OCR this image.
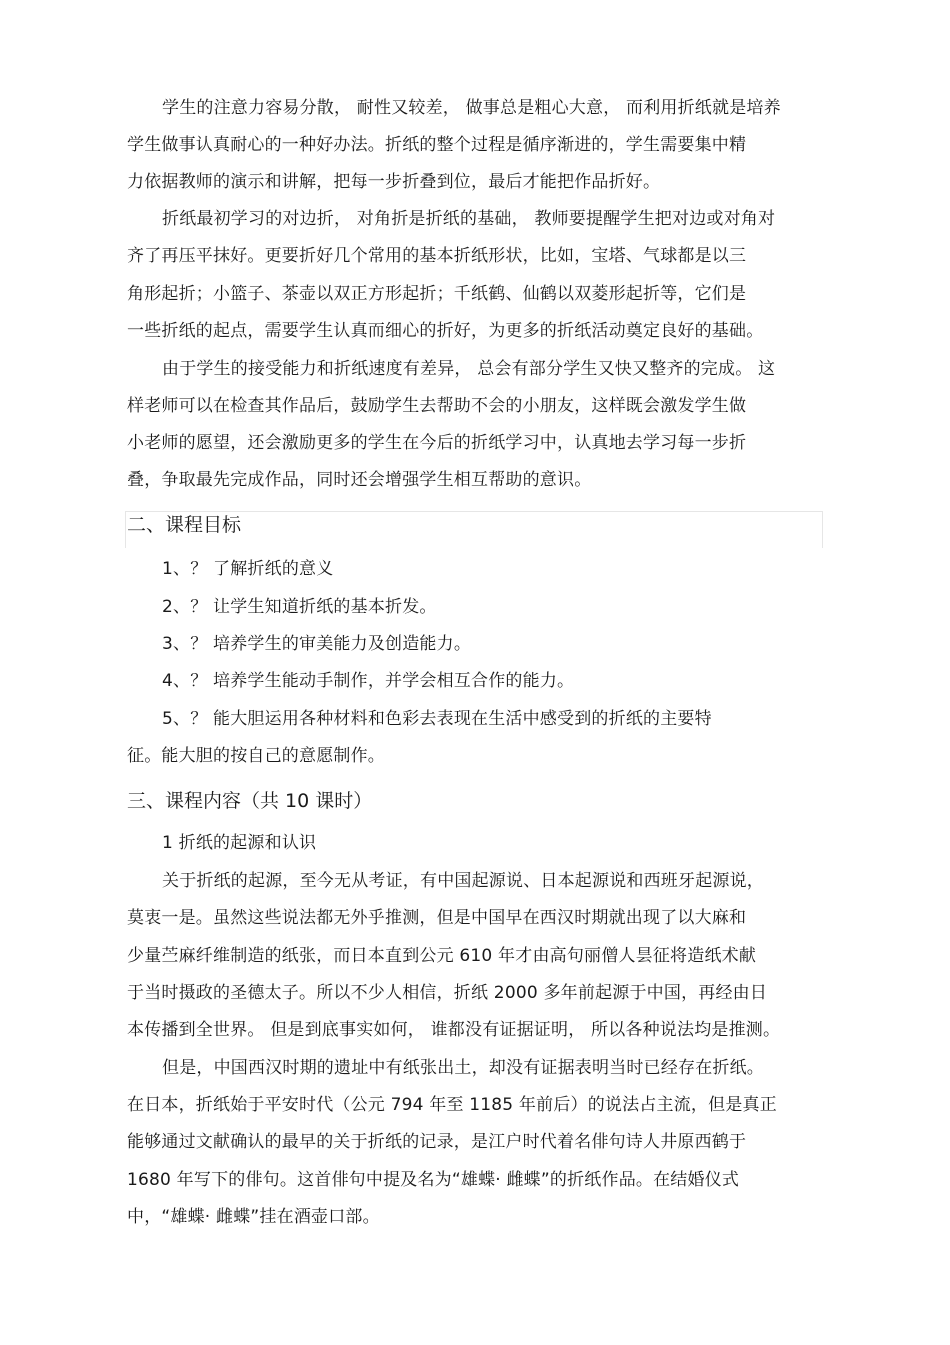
学生的注意力容易分散， 耐性又较差， 做事总是粗心大意， 而利用折纸就是培养
学生做事认真耐心的一种好办法。折纸的整个过程是循序渐进的，学生需要集中精
力依据教师的演示和讲解，把每一步折叠到位，最后才能把作品折好。
折纸最初学习的对边折， 对角折是折纸的基础， 教师要提醒学生把对边或对角对
齐了再压平抹好。更要折好几个常用的基本折纸形状，比如，宝塔、气球都是以三
角形起折；小篮子、茶壶以双正方形起折；千纸鹤、仙鹤以双菱形起折等，它们是
一些折纸的起点，需要学生认真而细心的折好，为更多的折纸活动奠定良好的基础。
由于学生的接受能力和折纸速度有差异， 总会有部分学生又快又整齐的完成。 这
样老师可以在检查其作品后，鼓励学生去帮助不会的小朋友，这样既会激发学生做
小老师的愿望，还会激励更多的学生在今后的折纸学习中，认真地去学习每一步折
叠，争取最先完成作品，同时还会增强学生相互帮助的意识。
二、课程目标
1、？ 了解折纸的意义
2、？ 让学生知道折纸的基本折发。
3、？ 培养学生的审美能力及创造能力。
4、？ 培养学生能动手制作，并学会相互合作的能力。
5、？ 能大胆运用各种材料和色彩去表现在生活中感受到的折纸的主要特
征。能大胆的按自己的意愿制作。
三、课程内容（共 10 课时）
1 折纸的起源和认识
关于折纸的起源，至今无从考证，有中国起源说、日本起源说和西班牙起源说，
莫衷一是。虽然这些说法都无外乎推测，但是中国早在西汉时期就出现了以大麻和
少量苎麻纤维制造的纸张，而日本直到公元 610 年才由高句丽僧人昙征将造纸术献
于当时摄政的圣德太子。所以不少人相信，折纸 2000 多年前起源于中国，再经由日
本传播到全世界。 但是到底事实如何， 谁都没有证据证明， 所以各种说法均是推测。
但是，中国西汉时期的遗址中有纸张出土，却没有证据表明当时已经存在折纸。
在日本，折纸始于平安时代（公元 794 年至 1185 年前后）的说法占主流，但是真正
能够通过文献确认的最早的关于折纸的记录，是江户时代着名俳句诗人井原西鹤于
1680 年写下的俳句。这首俳句中提及名为“雄蝶· 雌蝶”的折纸作品。在结婚仪式
中，“雄蝶· 雌蝶”挂在酒壶口部。
